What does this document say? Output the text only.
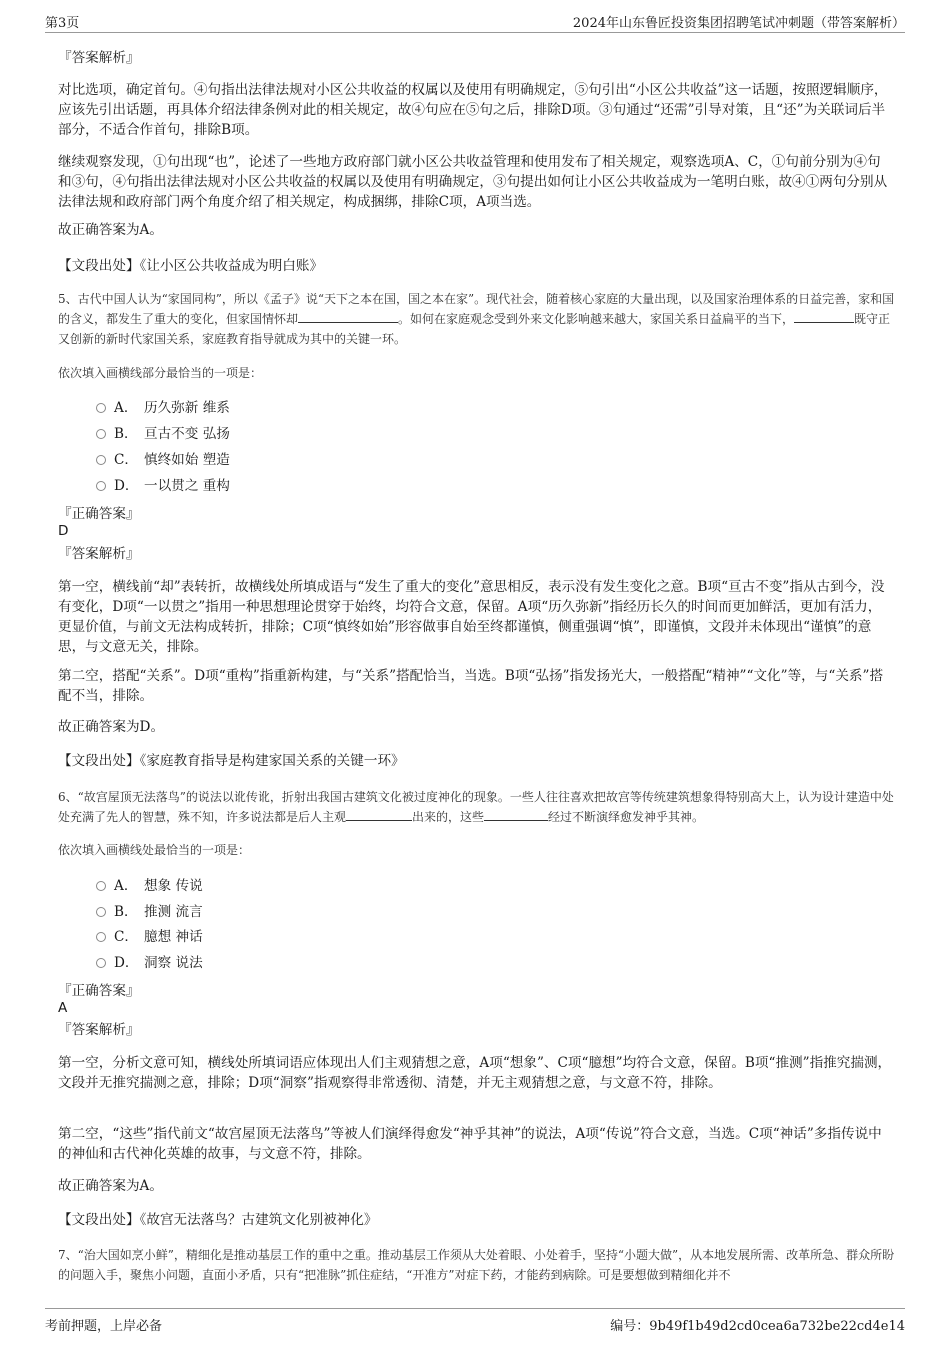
第3页	2024年山东鲁匠投资集团招聘笔试冲刺题（带答案解析）
『答案解析』
对比选项，确定首句。④句指出法律法规对小区公共收益的权属以及使用有明确规定，⑤句引出“小区公共收益”这一话题，按照逻辑顺序，应该先引出话题，再具体介绍法律条例对此的相关规定，故④句应在⑤句之后，排除D项。③句通过“还需”引导对策，且“还”为关联词后半部分，不适合作首句，排除B项。
继续观察发现，①句出现“也”，论述了一些地方政府部门就小区公共收益管理和使用发布了相关规定，观察选项A、C，①句前分别为④句和③句，④句指出法律法规对小区公共收益的权属以及使用有明确规定，③句提出如何让小区公共收益成为一笔明白账，故④①两句分别从法律法规和政府部门两个角度介绍了相关规定，构成捆绑，排除C项，A项当选。
故正确答案为A。
【文段出处】《让小区公共收益成为明白账》
5、古代中国人认为“家国同构”，所以《孟子》说“天下之本在国，国之本在家”。现代社会，随着核心家庭的大量出现，以及国家治理体系的日益完善，家和国的含义，都发生了重大的变化，但家国情怀却	。如何在家庭观念受到外来文化影响越来越大，家国关系日益扁平的当下，	既守正又创新的新时代家国关系，家庭教育指导就成为其中的关键一环。
依次填入画横线部分最恰当的一项是：
A． 历久弥新 维系
B． 亘古不变 弘扬
C． 慎终如始 塑造
D． 一以贯之 重构
『正确答案』
D
『答案解析』
第一空，横线前“却”表转折，故横线处所填成语与“发生了重大的变化”意思相反，表示没有发生变化之意。B项“亘古不变”指从古到今，没有变化，D项“一以贯之”指用一种思想理论贯穿于始终，均符合文意，保留。A项“历久弥新”指经历长久的时间而更加鲜活，更加有活力，更显价值，与前文无法构成转折，排除；C项“慎终如始”形容做事自始至终都谨慎，侧重强调“慎”，即谨慎，文段并未体现出“谨慎”的意思，与文意无关，排除。
第二空，搭配“关系”。D项“重构”指重新构建，与“关系”搭配恰当，当选。B项“弘扬”指发扬光大，一般搭配“精神”“文化”等，与“关系”搭配不当，排除。
故正确答案为D。
【文段出处】《家庭教育指导是构建家国关系的关键一环》
6、“故宫屋顶无法落鸟”的说法以讹传讹，折射出我国古建筑文化被过度神化的现象。一些人往往喜欢把故宫等传统建筑想象得特别高大上，认为设计建造中处处充满了先人的智慧，殊不知，许多说法都是后人主观	出来的，这些	经过不断演绎愈发神乎其神。
依次填入画横线处最恰当的一项是：
A． 想象 传说
B． 推测 流言
C． 臆想 神话
D． 洞察 说法
『正确答案』
A
『答案解析』
第一空，分析文意可知，横线处所填词语应体现出人们主观猜想之意，A项“想象”、C项“臆想”均符合文意，保留。B项“推测”指推究揣测，文段并无推究揣测之意，排除；D项“洞察”指观察得非常透彻、清楚，并无主观猜想之意，与文意不符，排除。
第二空，“这些”指代前文“故宫屋顶无法落鸟”等被人们演绎得愈发“神乎其神”的说法，A项“传说”符合文意，当选。C项“神话”多指传说中的神仙和古代神化英雄的故事，与文意不符，排除。
故正确答案为A。
【文段出处】《故宫无法落鸟？古建筑文化别被神化》
7、“治大国如烹小鲜”，精细化是推动基层工作的重中之重。推动基层工作须从大处着眼、小处着手，坚持“小题大做”，从本地发展所需、改革所急、群众所盼的问题入手，聚焦小问题，直面小矛盾，只有“把准脉”抓住症结，“开准方”对症下药，才能药到病除。可是要想做到精细化并不
考前押题，上岸必备	编号：9b49f1b49d2cd0cea6a732be22cd4e14
